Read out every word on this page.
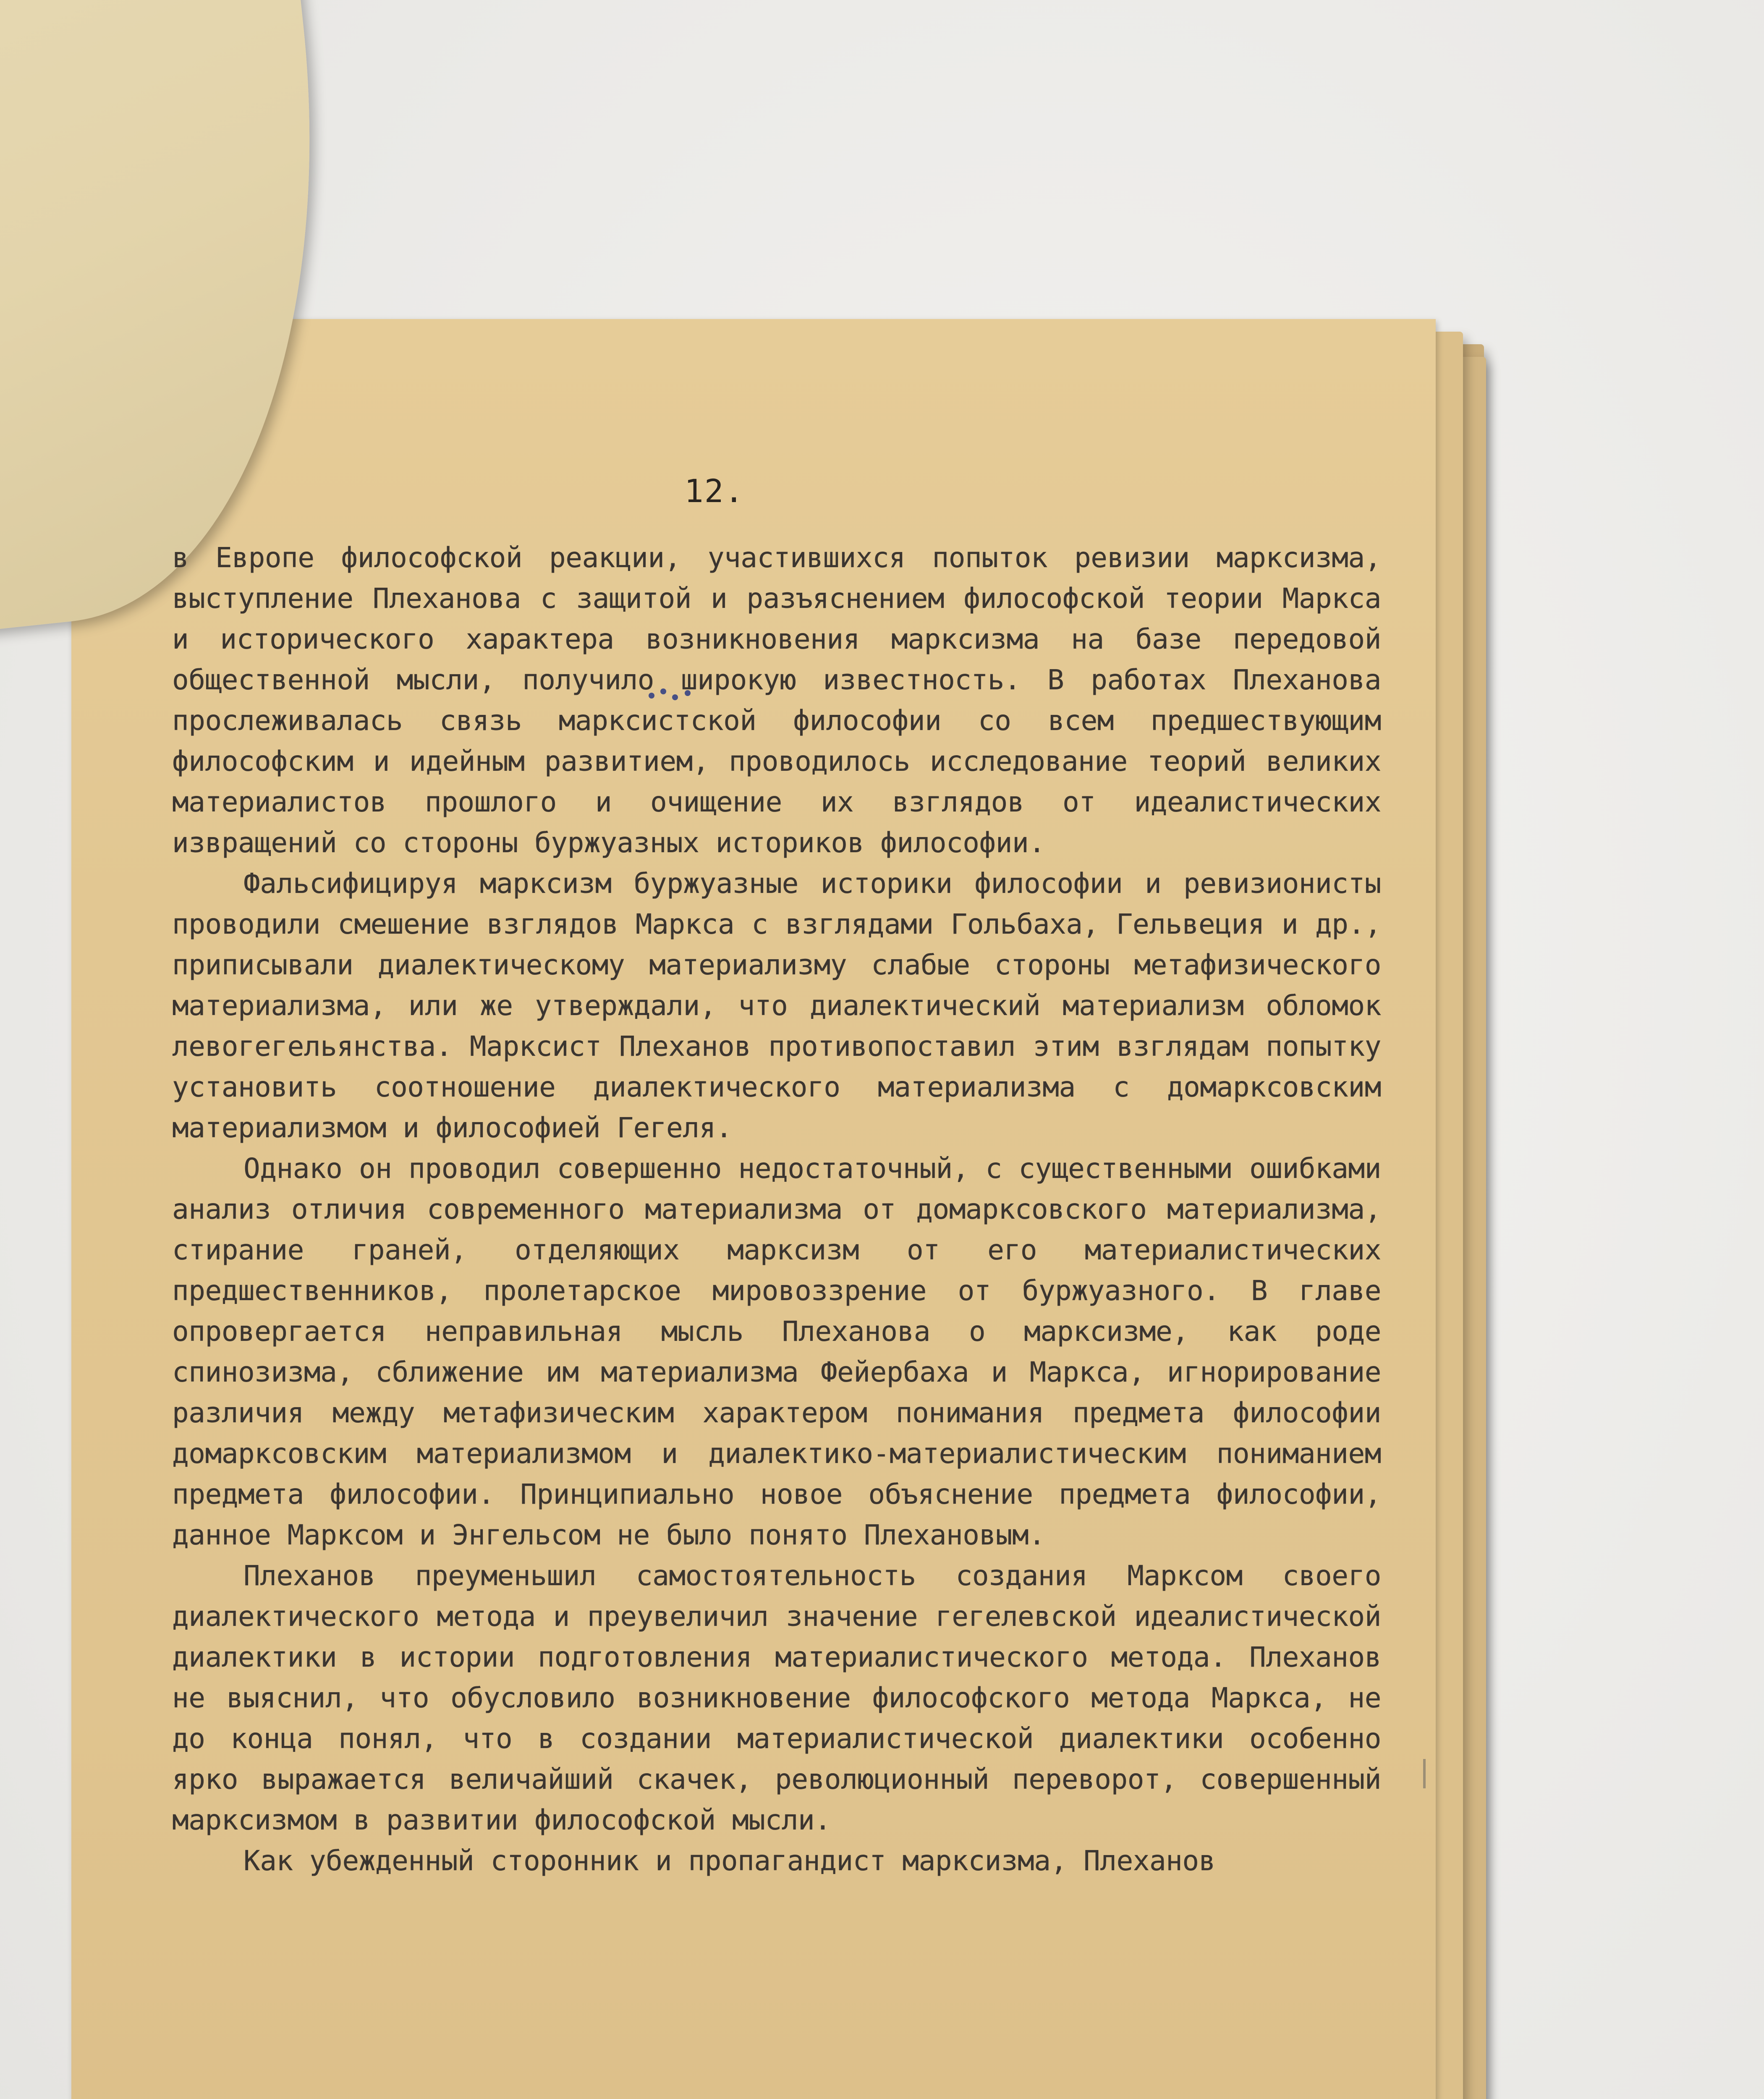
12.

в Европе философской реакции, участившихся попыток ревизии марксизма, выступление Плеханова с защитой и разъяснением философской теории Маркса и исторического характера возникновения марксизма на базе передовой общественной мысли, получило широкую известность. В работах Плеханова прослеживалась связь марксистской философии со всем предшествующим философским и идейным развитием, проводилось исследование теорий великих материалистов прошлого и очищение их взглядов от идеалистических извращений со стороны буржуазных историков философии.

Фальсифицируя марксизм буржуазные историки философии и ревизионисты проводили смешение взглядов Маркса с взглядами Гольбаха, Гельвеция и др., приписывали диалектическому материализму слабые стороны метафизического материализма, или же утверждали, что диалектический материализм обломок левогегельянства. Марксист Плеханов противопоставил этим взглядам попытку установить соотношение диалектического материализма с домарксовским материализмом и философией Гегеля.

Однако он проводил совершенно недостаточный, с существенными ошибками анализ отличия современного материализма от домарксовского материализма, стирание граней, отделяющих марксизм от его материалистических предшественников, пролетарское мировоззрение от буржуазного. В главе опровергается неправильная мысль Плеханова о марксизме, как роде спинозизма, сближение им материализма Фейербаха и Маркса, игнорирование различия между метафизическим характером понимания предмета философии домарксовским материализмом и диалектико-материалистическим пониманием предмета философии. Принципиально новое объяснение предмета философии, данное Марксом и Энгельсом не было понято Плехановым.

Плеханов преуменьшил самостоятельность создания Марксом своего диалектического метода и преувеличил значение гегелевской идеалистической диалектики в истории подготовления материалистического метода. Плеханов не выяснил, что обусловило возникновение философского метода Маркса, не до конца понял, что в создании материалистической диалектики особенно ярко выражается величайший скачек, революционный переворот, совершенный марксизмом в развитии философской мысли.

Как убежденный сторонник и пропагандист марксизма, Плеханов
